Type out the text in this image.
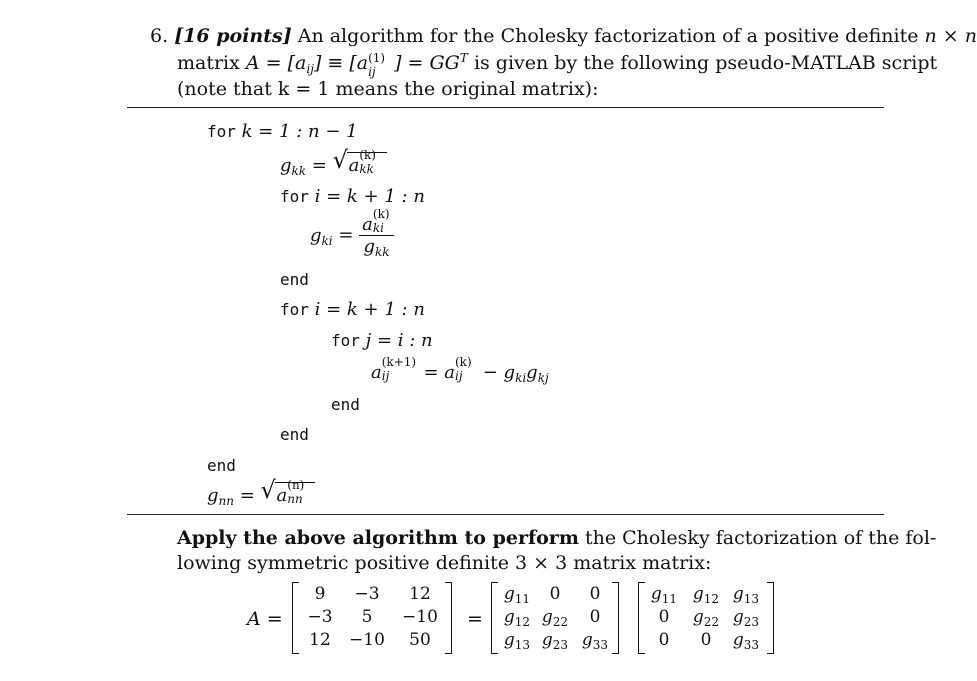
6. [16 points] An algorithm for the Cholesky factorization of a positive definite n × n
matrix $A = [a_{ij}] \equiv [a$ (1)
ij ] = $GG^T$ is given by the following pseudo-MATLAB script
(note that k = 1 means the original matrix):
for k = 1 : n − 1
$g_{kk}$ = √ a (k)
kk
for i = k + 1 : n
$g_{ki} = a$ (k)
ki
$g_{kk}$
end
for i = k + 1 : n
for j = i : n
a (k+1)
ij = a (k)
ij − $g_{ki}g_{kj}$
end
end
end
$g_{nn}$ = √ a (n)
nn
Apply the above algorithm to perform the Cholesky factorization of the fol-
lowing symmetric positive definite 3 × 3 matrix matrix:
A =
9	−3	12
−3	5	−10
12	−10	50
=
$g_{11}$	0	0
$g_{12}$ $g_{22}$	0
$g_{13}$ $g_{23}$ $g_{33}$
$g_{11}$ $g_{12}$ $g_{13}$
0	$g_{22}$ $g_{23}$
0	0	$g_{33}$
